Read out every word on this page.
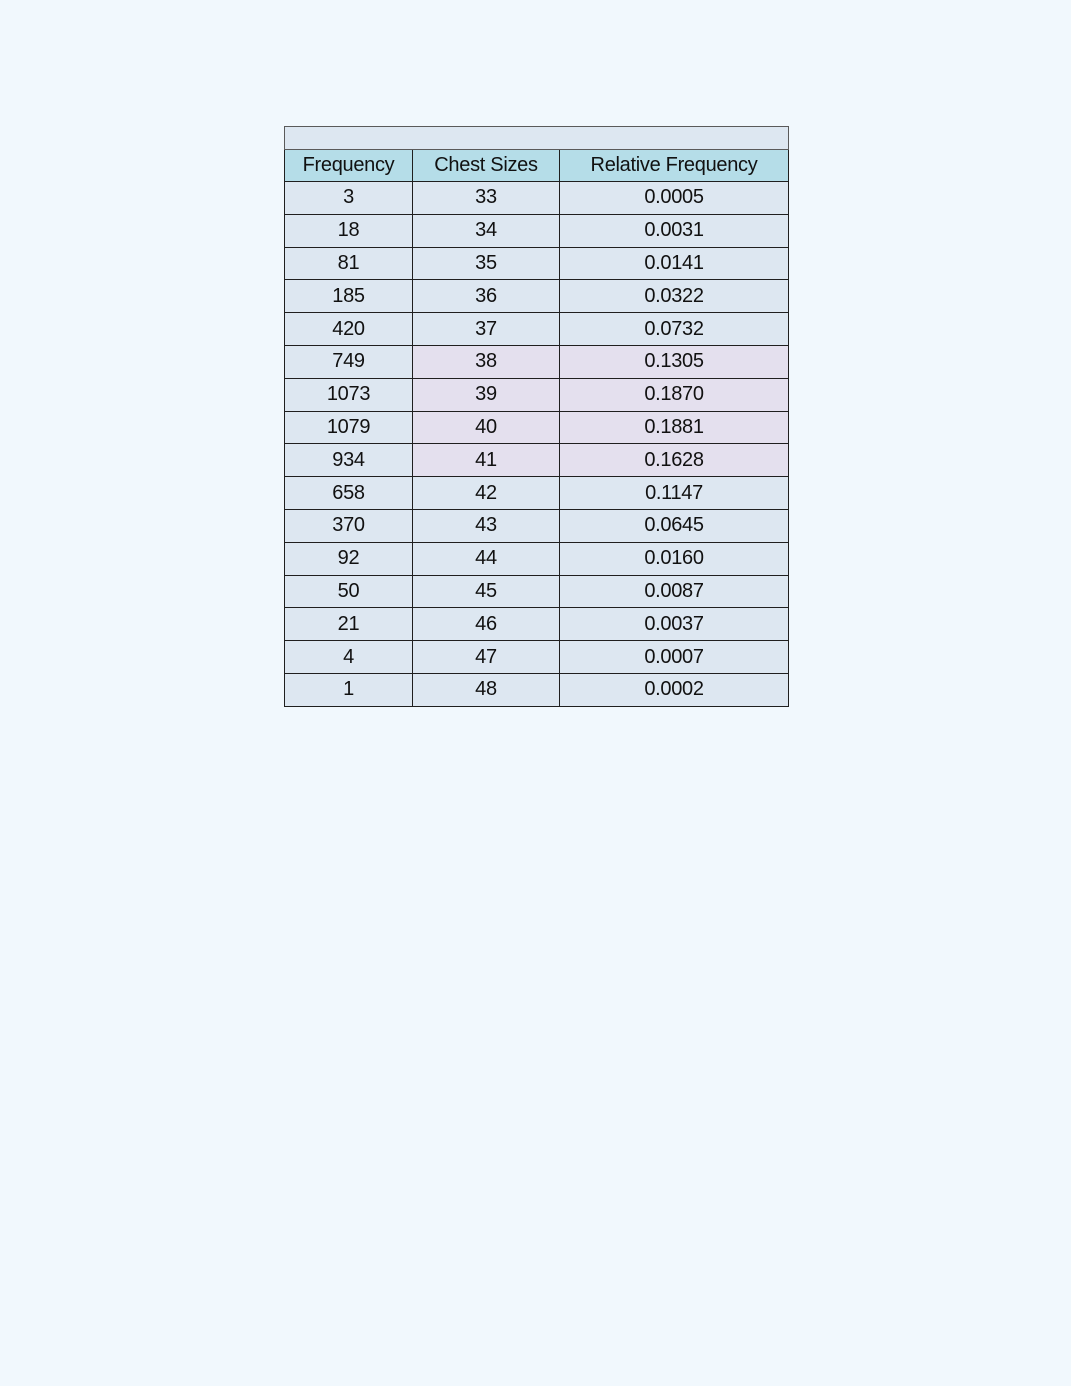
Frequency	Chest Sizes	Relative Frequency
3	33	0.0005
18	34	0.0031
81	35	0.0141
185	36	0.0322
420	37	0.0732
749	38	0.1305
1073	39	0.1870
1079	40	0.1881
934	41	0.1628
658	42	0.1147
370	43	0.0645
92	44	0.0160
50	45	0.0087
21	46	0.0037
4	47	0.0007
1	48	0.0002
